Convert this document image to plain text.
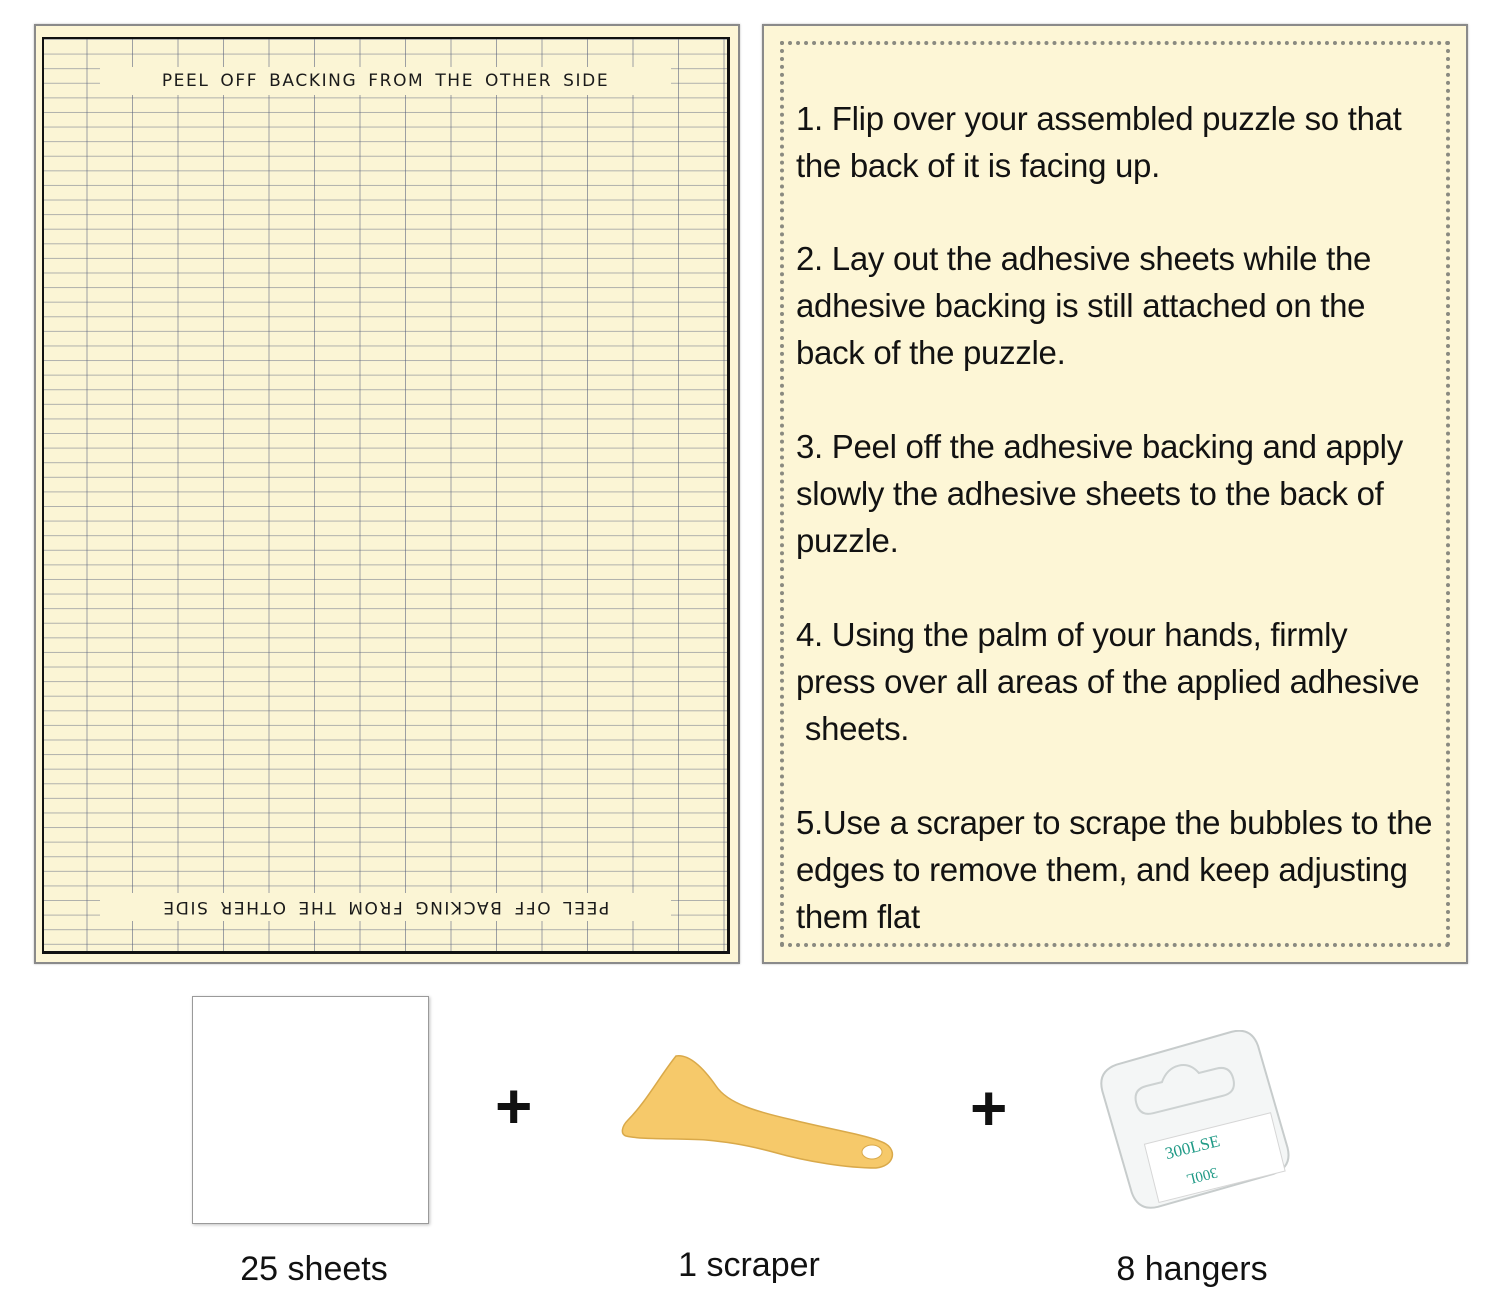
PEEL OFF BACKING FROM THE OTHER SIDE
PEEL OFF BACKING FROM THE OTHER SIDE
1. Flip over your assembled puzzle so that
the back of it is facing up.
2. Lay out the adhesive sheets while the
adhesive backing is still attached on the
back of the puzzle.
3. Peel off the adhesive backing and apply
slowly the adhesive sheets to the back of
puzzle.
4. Using the palm of your hands, firmly
press over all areas of the applied adhesive
sheets.
5.Use a scraper to scrape the bubbles to the
edges to remove them, and keep adjusting
them flat
25 sheets
+
1 scraper
+
300LSE
300L
8 hangers
